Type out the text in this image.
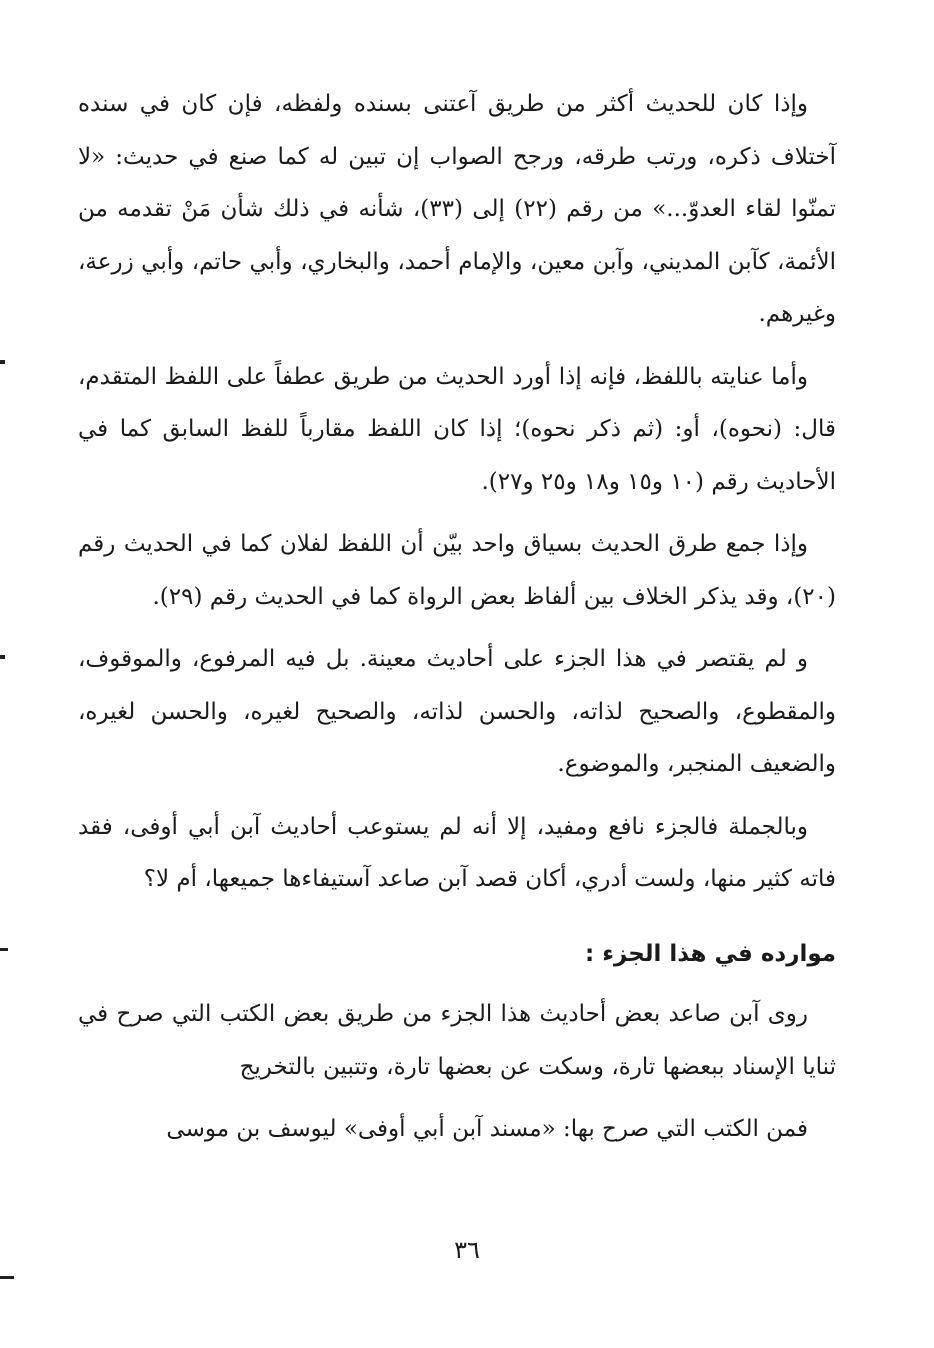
وإذا كان للحديث أكثر من طريق آعتنى بسنده ولفظه، فإن كان في سنده آختلاف ذكره، ورتب طرقه، ورجح الصواب إن تبين له كما صنع في حديث: «لا تمنّوا لقاء العدوّ...» من رقم (٢٢) إلى (٣٣)، شأنه في ذلك شأن مَنْ تقدمه من الأئمة، كآبن المديني، وآبن معين، والإمام أحمد، والبخاري، وأبي حاتم، وأبي زرعة، وغيرهم.

وأما عنايته باللفظ، فإنه إذا أورد الحديث من طريق عطفاً على اللفظ المتقدم، قال: (نحوه)، أو: (ثم ذكر نحوه)؛ إذا كان اللفظ مقارباً للفظ السابق كما في الأحاديث رقم (١٠ و١٥ و١٨ و٢٥ و٢٧).

وإذا جمع طرق الحديث بسياق واحد بيّن أن اللفظ لفلان كما في الحديث رقم (٢٠)، وقد يذكر الخلاف بين ألفاظ بعض الرواة كما في الحديث رقم (٢٩).

و لم يقتصر في هذا الجزء على أحاديث معينة. بل فيه المرفوع، والموقوف، والمقطوع، والصحيح لذاته، والحسن لذاته، والصحيح لغيره، والحسن لغيره، والضعيف المنجبر، والموضوع.

وبالجملة فالجزء نافع ومفيد، إلا أنه لم يستوعب أحاديث آبن أبي أوفى، فقد فاته كثير منها، ولست أدري، أكان قصد آبن صاعد آستيفاءها جميعها، أم لا؟

موارده في هذا الجزء :

روى آبن صاعد بعض أحاديث هذا الجزء من طريق بعض الكتب التي صرح في ثنايا الإسناد ببعضها تارة، وسكت عن بعضها تارة، وتتبين بالتخريج

فمن الكتب التي صرح بها: «مسند آبن أبي أوفى» ليوسف بن موسى

٣٦
